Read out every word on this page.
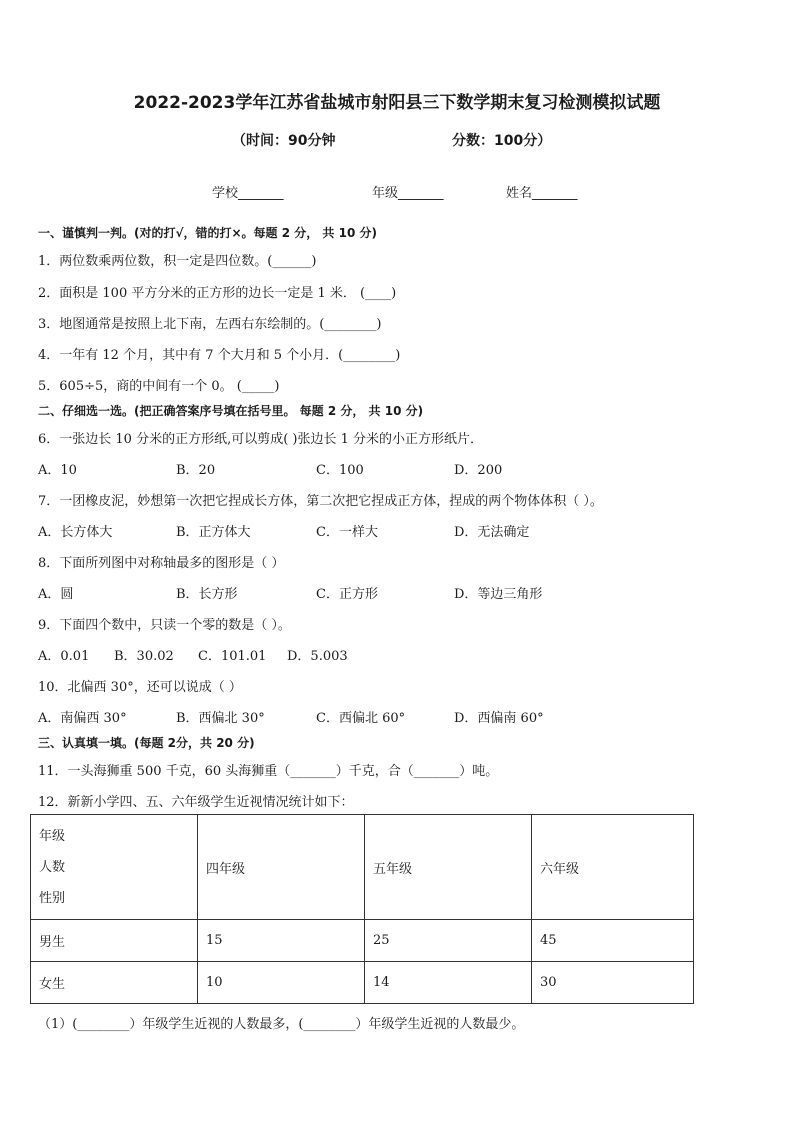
2022-2023学年江苏省盐城市射阳县三下数学期末复习检测模拟试题
（时间：90分钟	分数：100分）
学校_______	年级_______	姓名_______
一、谨慎判一判。(对的打√，错的打×。每题 2 分， 共 10 分)
1．两位数乘两位数，积一定是四位数。(______)
2．面积是 100 平方分米的正方形的边长一定是 1 米． (____)
3．地图通常是按照上北下南，左西右东绘制的。(________)
4．一年有 12 个月，其中有 7 个大月和 5 个小月．(________)
5．605÷5，商的中间有一个 0。 (_____)
二、仔细选一选。(把正确答案序号填在括号里。 每题 2 分， 共 10 分)
6．一张边长 10 分米的正方形纸,可以剪成( )张边长 1 分米的小正方形纸片．
A．10	B．20	C．100	D．200
7．一团橡皮泥，妙想第一次把它捏成长方体，第二次把它捏成正方体，捏成的两个物体体积（ ）。
A．长方体大	B．正方体大	C．一样大	D．无法确定
8．下面所列图中对称轴最多的图形是（ ）
A．圆	B．长方形	C．正方形	D．等边三角形
9．下面四个数中，只读一个零的数是（ ）。
A．0.01 B．30.02 C．101.01 D．5.003
10．北偏西 30°，还可以说成（ ）
A．南偏西 30°	B．西偏北 30°	C．西偏北 60°	D．西偏南 60°
三、认真填一填。(每题 2分，共 20 分)
11．一头海狮重 500 千克，60 头海狮重（_______）千克，合（_______）吨。
12．新新小学四、五、六年级学生近视情况统计如下：
年级
人数
性别	四年级	五年级	六年级
男生	15	25	45
女生	10	14	30
（1）(________）年级学生近视的人数最多，(________）年级学生近视的人数最少。
